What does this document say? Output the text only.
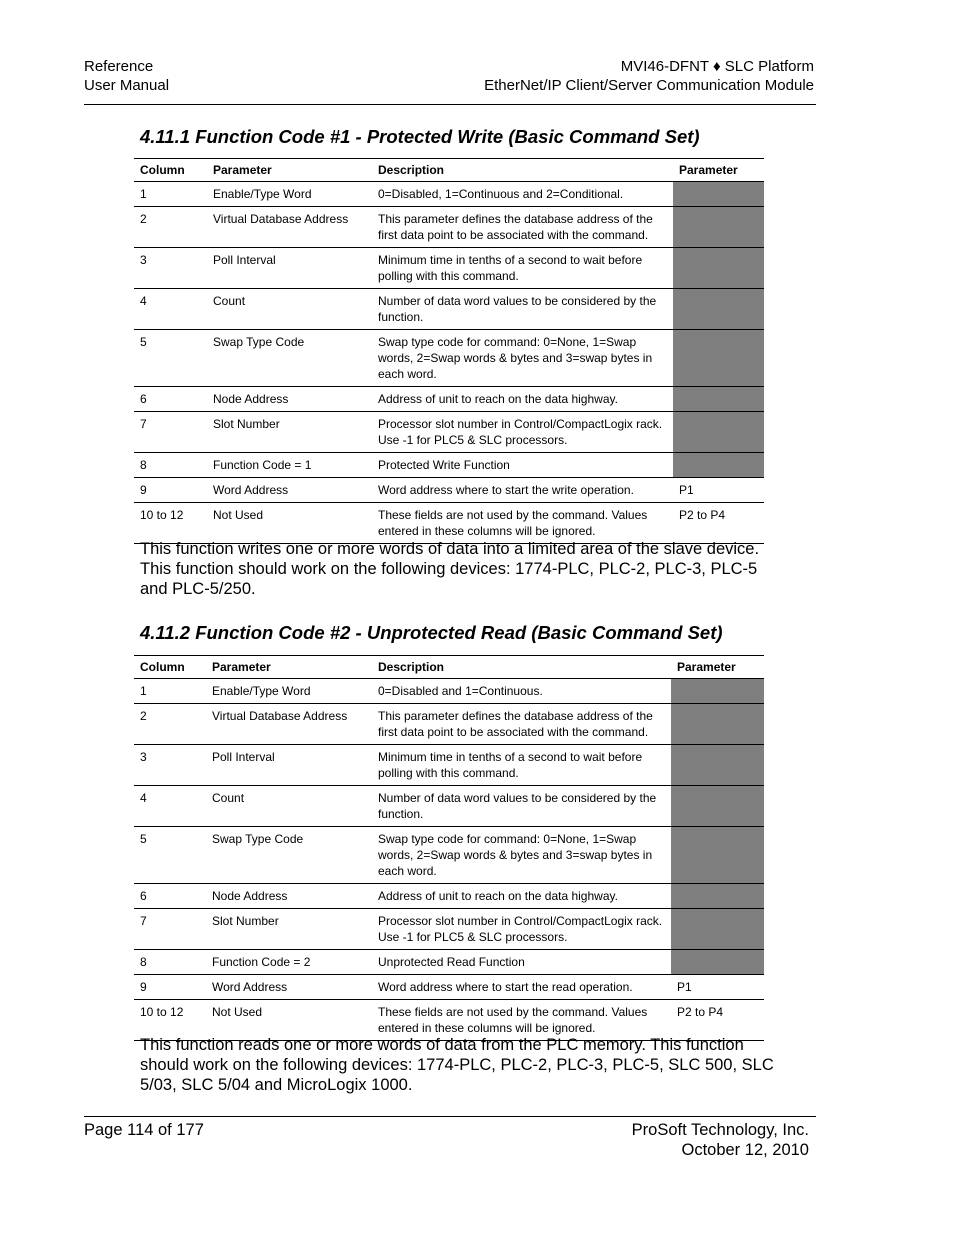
Reference
User Manual
MVI46-DFNT ♦ SLC Platform
EtherNet/IP Client/Server Communication Module
4.11.1 Function Code #1 - Protected Write (Basic Command Set)
Column	Parameter	Description	Parameter
1	Enable/Type Word	0=Disabled, 1=Continuous and 2=Conditional.	
2	Virtual Database Address	This parameter defines the database address of the first data point to be associated with the command.	
3	Poll Interval	Minimum time in tenths of a second to wait before polling with this command.	
4	Count	Number of data word values to be considered by the function.	
5	Swap Type Code	Swap type code for command: 0=None, 1=Swap words, 2=Swap words & bytes and 3=swap bytes in each word.	
6	Node Address	Address of unit to reach on the data highway.	
7	Slot Number	Processor slot number in Control/CompactLogix rack. Use -1 for PLC5 & SLC processors.	
8	Function Code = 1	Protected Write Function	
9	Word Address	Word address where to start the write operation.	P1
10 to 12	Not Used	These fields are not used by the command. Values entered in these columns will be ignored.	P2 to P4

This function writes one or more words of data into a limited area of the slave device. This function should work on the following devices: 1774-PLC, PLC-2, PLC-3, PLC-5 and PLC-5/250.

4.11.2 Function Code #2 - Unprotected Read (Basic Command Set)
Column	Parameter	Description	Parameter
1	Enable/Type Word	0=Disabled and 1=Continuous.	
2	Virtual Database Address	This parameter defines the database address of the first data point to be associated with the command.	
3	Poll Interval	Minimum time in tenths of a second to wait before polling with this command.	
4	Count	Number of data word values to be considered by the function.	
5	Swap Type Code	Swap type code for command: 0=None, 1=Swap words, 2=Swap words & bytes and 3=swap bytes in each word.	
6	Node Address	Address of unit to reach on the data highway.	
7	Slot Number	Processor slot number in Control/CompactLogix rack. Use -1 for PLC5 & SLC processors.	
8	Function Code = 2	Unprotected Read Function	
9	Word Address	Word address where to start the read operation.	P1
10 to 12	Not Used	These fields are not used by the command. Values entered in these columns will be ignored.	P2 to P4

This function reads one or more words of data from the PLC memory. This function should work on the following devices: 1774-PLC, PLC-2, PLC-3, PLC-5, SLC 500, SLC 5/03, SLC 5/04 and MicroLogix 1000.

Page 114 of 177	ProSoft Technology, Inc.
October 12, 2010
